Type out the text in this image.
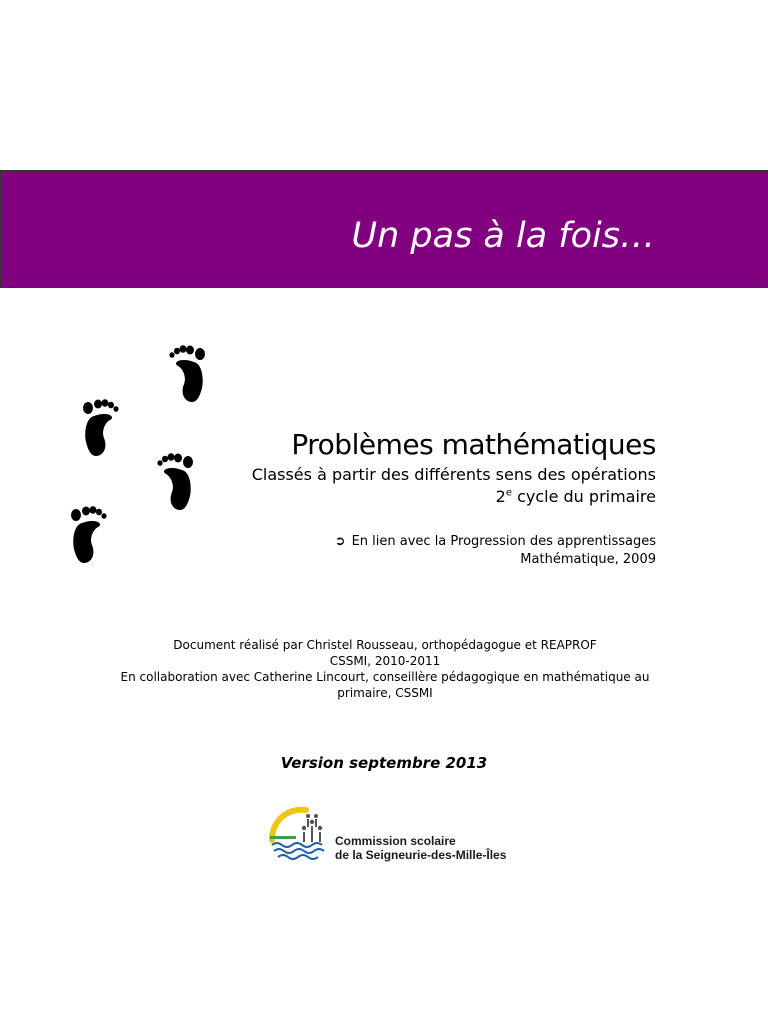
Un pas à la fois…
Problèmes mathématiques
Classés à partir des différents sens des opérations
2e cycle du primaire
➲ En lien avec la Progression des apprentissages
Mathématique, 2009
Document réalisé par Christel Rousseau, orthopédagogue et REAPROF
CSSMI, 2010-2011
En collaboration avec Catherine Lincourt, conseillère pédagogique en mathématique au
primaire, CSSMI
Version septembre 2013
Commission scolaire
de la Seigneurie-des-Mille-Îles
